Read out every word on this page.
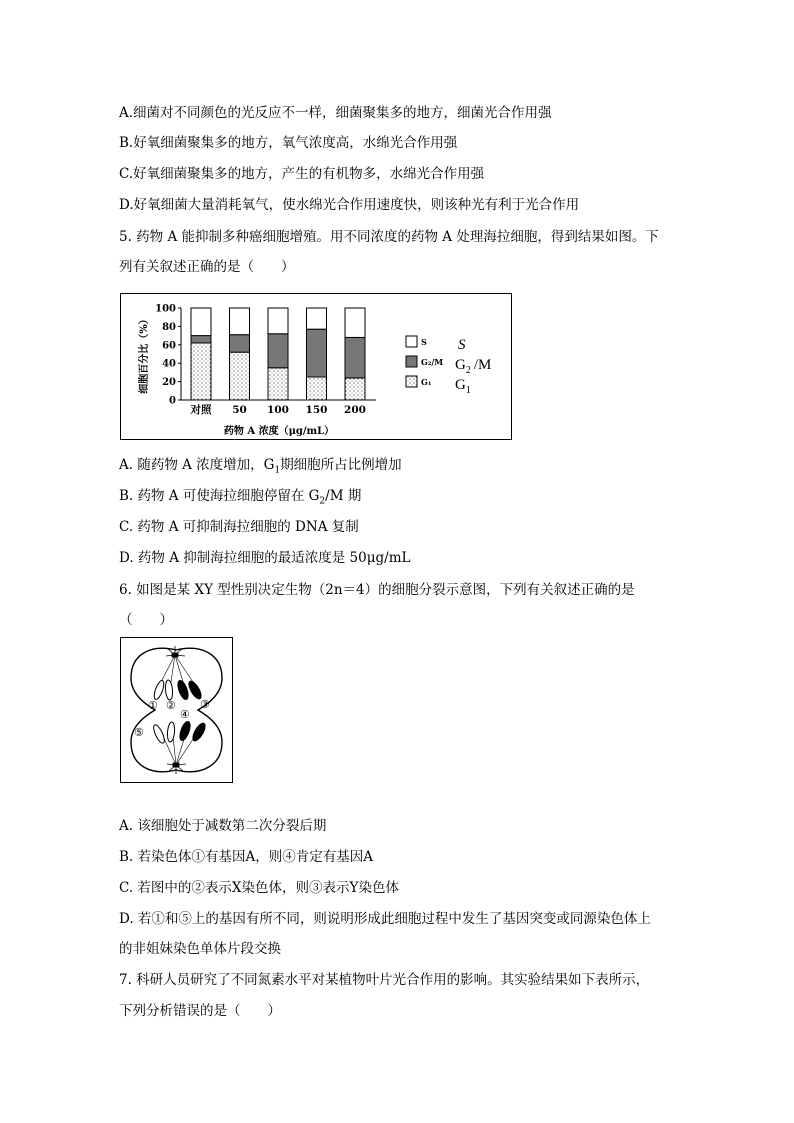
A.细菌对不同颜色的光反应不一样，细菌聚集多的地方，细菌光合作用强
B.好氧细菌聚集多的地方，氧气浓度高，水绵光合作用强
C.好氧细菌聚集多的地方，产生的有机物多，水绵光合作用强
D.好氧细菌大量消耗氧气，使水绵光合作用速度快，则该种光有利于光合作用
5. 药物 A 能抑制多种癌细胞增殖。用不同浓度的药物 A 处理海拉细胞，得到结果如图。下
列有关叙述正确的是（　　）
细胞百分比（%）
0
20
40
60
80
100
对照 50 100 150 200
药物 A 浓度（μg/mL）
S
G₂/M
G₁
S
$G_2$ /M
$G_1$
A. 随药物 A 浓度增加，$G_1$期细胞所占比例增加
B. 药物 A 可使海拉细胞停留在 $G_2/M$ 期
C. 药物 A 可抑制海拉细胞的 DNA 复制
D. 药物 A 抑制海拉细胞的最适浓度是 50μg/mL
6. 如图是某 XY 型性别决定生物（2n＝4）的细胞分裂示意图，下列有关叙述正确的是
（　　）
① ② ③
④
⑤
A. 该细胞处于减数第二次分裂后期
B. 若染色体①有基因A，则④肯定有基因A
C. 若图中的②表示X染色体，则③表示Y染色体
D. 若①和⑤上的基因有所不同，则说明形成此细胞过程中发生了基因突变或同源染色体上
的非姐妹染色单体片段交换
7. 科研人员研究了不同氮素水平对某植物叶片光合作用的影响。其实验结果如下表所示，
下列分析错误的是（　　）
